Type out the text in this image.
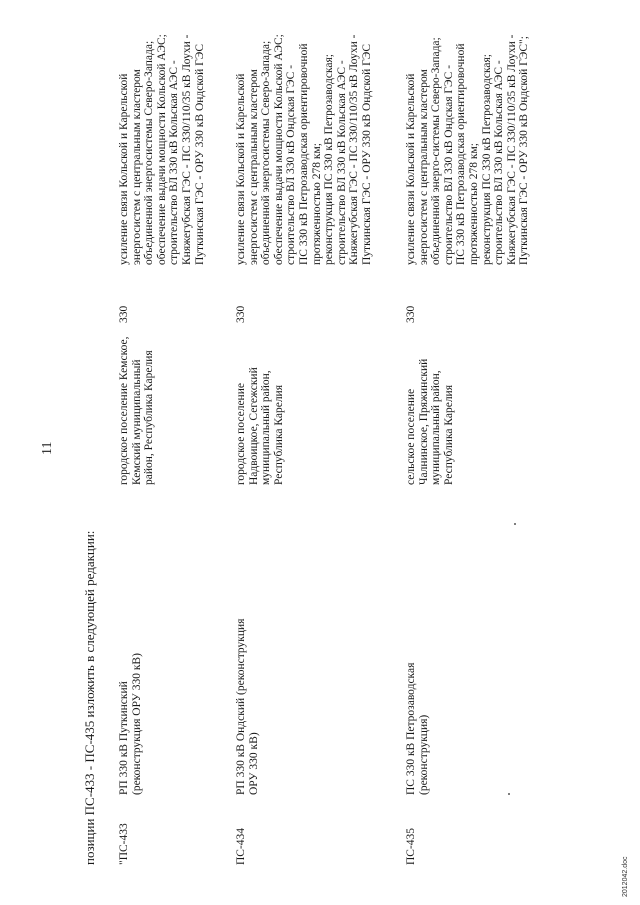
11
позиции ПС-433 - ПС-435 изложить в следующей редакции: "ПС-433
РП 330 кВ Путкинский (реконструкция ОРУ 330 кВ)
городское поселение Кемское, Кемский муниципальный район, Республика Карелия
330
усиление связи Кольской и Карельской энергосистем с центральным кластером объединенной энергосистемы Северо-Запада; обеспечение выдачи мощности Кольской АЭС; строительство ВЛ 330 кВ Кольская АЭС - Княжегубская ГЭС - ПС 330/110/35 кВ Лоухи - Путкинская ГЭС - ОРУ 330 кВ Ондской ГЭС
ПС-434
РП 330 кВ Ондский (реконструкция ОРУ 330 кВ)
городское поселение Надвоицкое, Сегежский муниципальный район, Республика Карелия
330
усиление связи Кольской и Карельской энергосистем с центральным кластером объединенной энергосистемы Северо-Запада; обеспечение выдачи мощности Кольской АЭС; строительство ВЛ 330 кВ Ондская ГЭС - ПС 330 кВ Петрозаводская ориентировочной протяженностью 278 км; реконструкция ПС 330 кВ Петрозаводская; строительство ВЛ 330 кВ Кольская АЭС - Княжегубская ГЭС - ПС 330/110/35 кВ Лоухи - Путкинская ГЭС - ОРУ 330 кВ Ондской ГЭС
ПС-435
ПС 330 кВ Петрозаводская (реконструкция)
сельское поселение Чалнинское, Пряжинский муниципальный район, Республика Карелия
330
усиление связи Кольской и Карельской энергосистем с центральным кластером объединенной энерго-системы Северо-Запада; строительство ВЛ 330 кВ Ондская ГЭС - ПС 330 кВ Петрозаводская ориентировочной протяженностью 278 км; реконструкция ПС 330 кВ Петрозаводская; строительство ВЛ 330 кВ Кольская АЭС - Княжегубская ГЭС - ПС 330/110/35 кВ Лоухи - Путкинская ГЭС - ОРУ 330 кВ Ондской ГЭС";
2012042.doc
